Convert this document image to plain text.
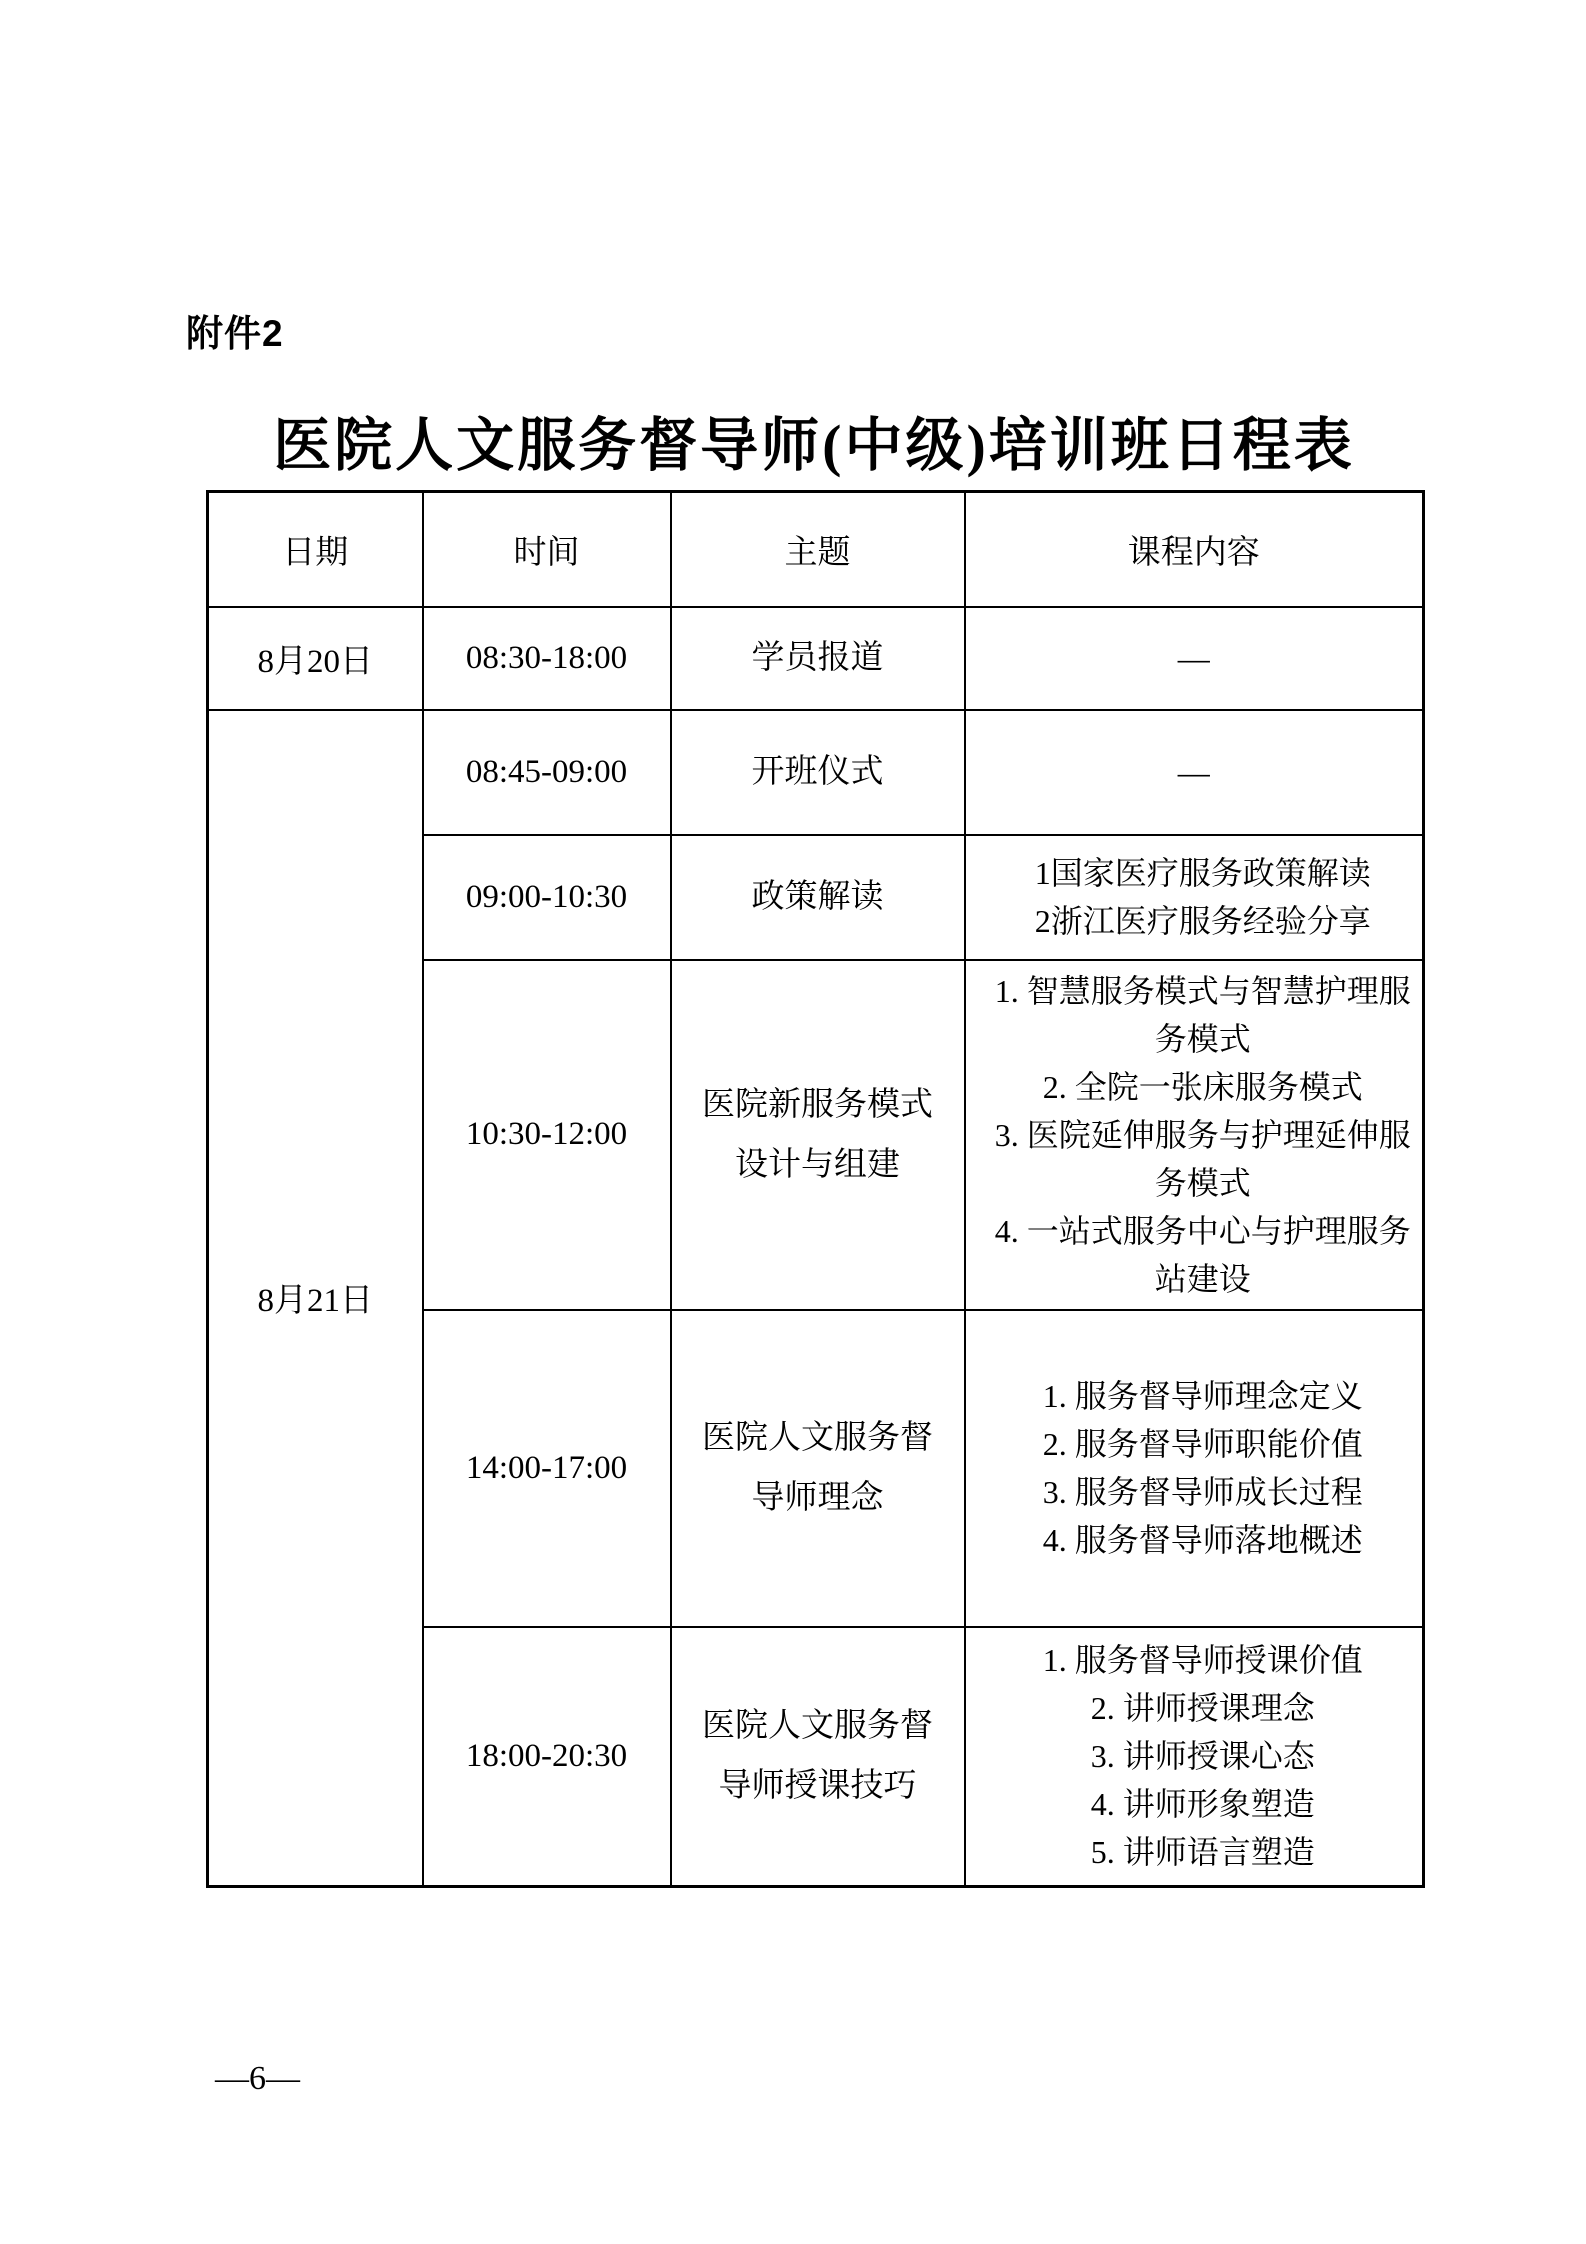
附件2
医院人文服务督导师(中级)培训班日程表
日期	时间	主题	课程内容
8月20日	08:30-18:00	学员报道	—

8月21日	08:45-09:00	开班仪式	—

	09:00-10:30	政策解读	1国家医疗服务政策解读
2浙江医疗服务经验分享

	10:30-12:00	医院新服务模式设计与组建	1. 智慧服务模式与智慧护理服务模式
2. 全院一张床服务模式
3. 医院延伸服务与护理延伸服务模式
4. 一站式服务中心与护理服务站建设

	14:00-17:00	医院人文服务督导师理念	1. 服务督导师理念定义
2. 服务督导师职能价值
3. 服务督导师成长过程
4. 服务督导师落地概述

	18:00-20:30	医院人文服务督导师授课技巧	1. 服务督导师授课价值
2. 讲师授课理念
3. 讲师授课心态
4. 讲师形象塑造
5. 讲师语言塑造
—6—
